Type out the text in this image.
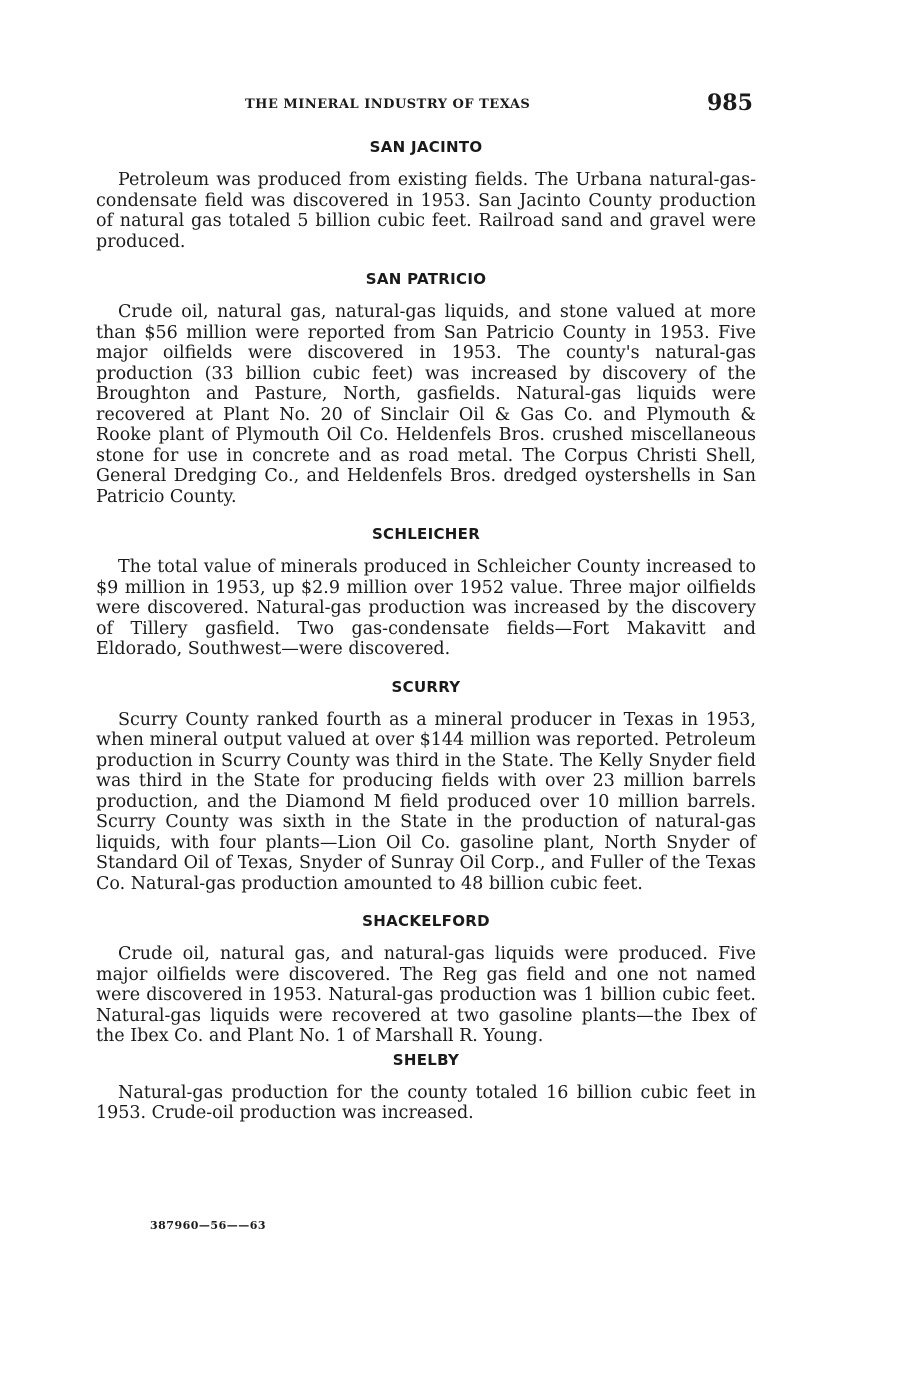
THE MINERAL INDUSTRY OF TEXAS	985
SAN JACINTO

Petroleum was produced from existing fields. The Urbana natural-gas-condensate field was discovered in 1953. San Jacinto County production of natural gas totaled 5 billion cubic feet. Railroad sand and gravel were produced.

SAN PATRICIO

Crude oil, natural gas, natural-gas liquids, and stone valued at more than $56 million were reported from San Patricio County in 1953. Five major oilfields were discovered in 1953. The county's natural-gas production (33 billion cubic feet) was increased by discovery of the Broughton and Pasture, North, gasfields. Natural-gas liquids were recovered at Plant No. 20 of Sinclair Oil & Gas Co. and Plymouth & Rooke plant of Plymouth Oil Co. Heldenfels Bros. crushed miscellaneous stone for use in concrete and as road metal. The Corpus Christi Shell, General Dredging Co., and Heldenfels Bros. dredged oystershells in San Patricio County.

SCHLEICHER

The total value of minerals produced in Schleicher County increased to $9 million in 1953, up $2.9 million over 1952 value. Three major oilfields were discovered. Natural-gas production was increased by the discovery of Tillery gasfield. Two gas-condensate fields—Fort Makavitt and Eldorado, Southwest—were discovered.

SCURRY

Scurry County ranked fourth as a mineral producer in Texas in 1953, when mineral output valued at over $144 million was reported. Petroleum production in Scurry County was third in the State. The Kelly Snyder field was third in the State for producing fields with over 23 million barrels production, and the Diamond M field produced over 10 million barrels. Scurry County was sixth in the State in the production of natural-gas liquids, with four plants—Lion Oil Co. gasoline plant, North Snyder of Standard Oil of Texas, Snyder of Sunray Oil Corp., and Fuller of the Texas Co. Natural-gas production amounted to 48 billion cubic feet.

SHACKELFORD

Crude oil, natural gas, and natural-gas liquids were produced. Five major oilfields were discovered. The Reg gas field and one not named were discovered in 1953. Natural-gas production was 1 billion cubic feet. Natural-gas liquids were recovered at two gasoline plants—the Ibex of the Ibex Co. and Plant No. 1 of Marshall R. Young.

SHELBY

Natural-gas production for the county totaled 16 billion cubic feet in 1953. Crude-oil production was increased.

387960—56——63
